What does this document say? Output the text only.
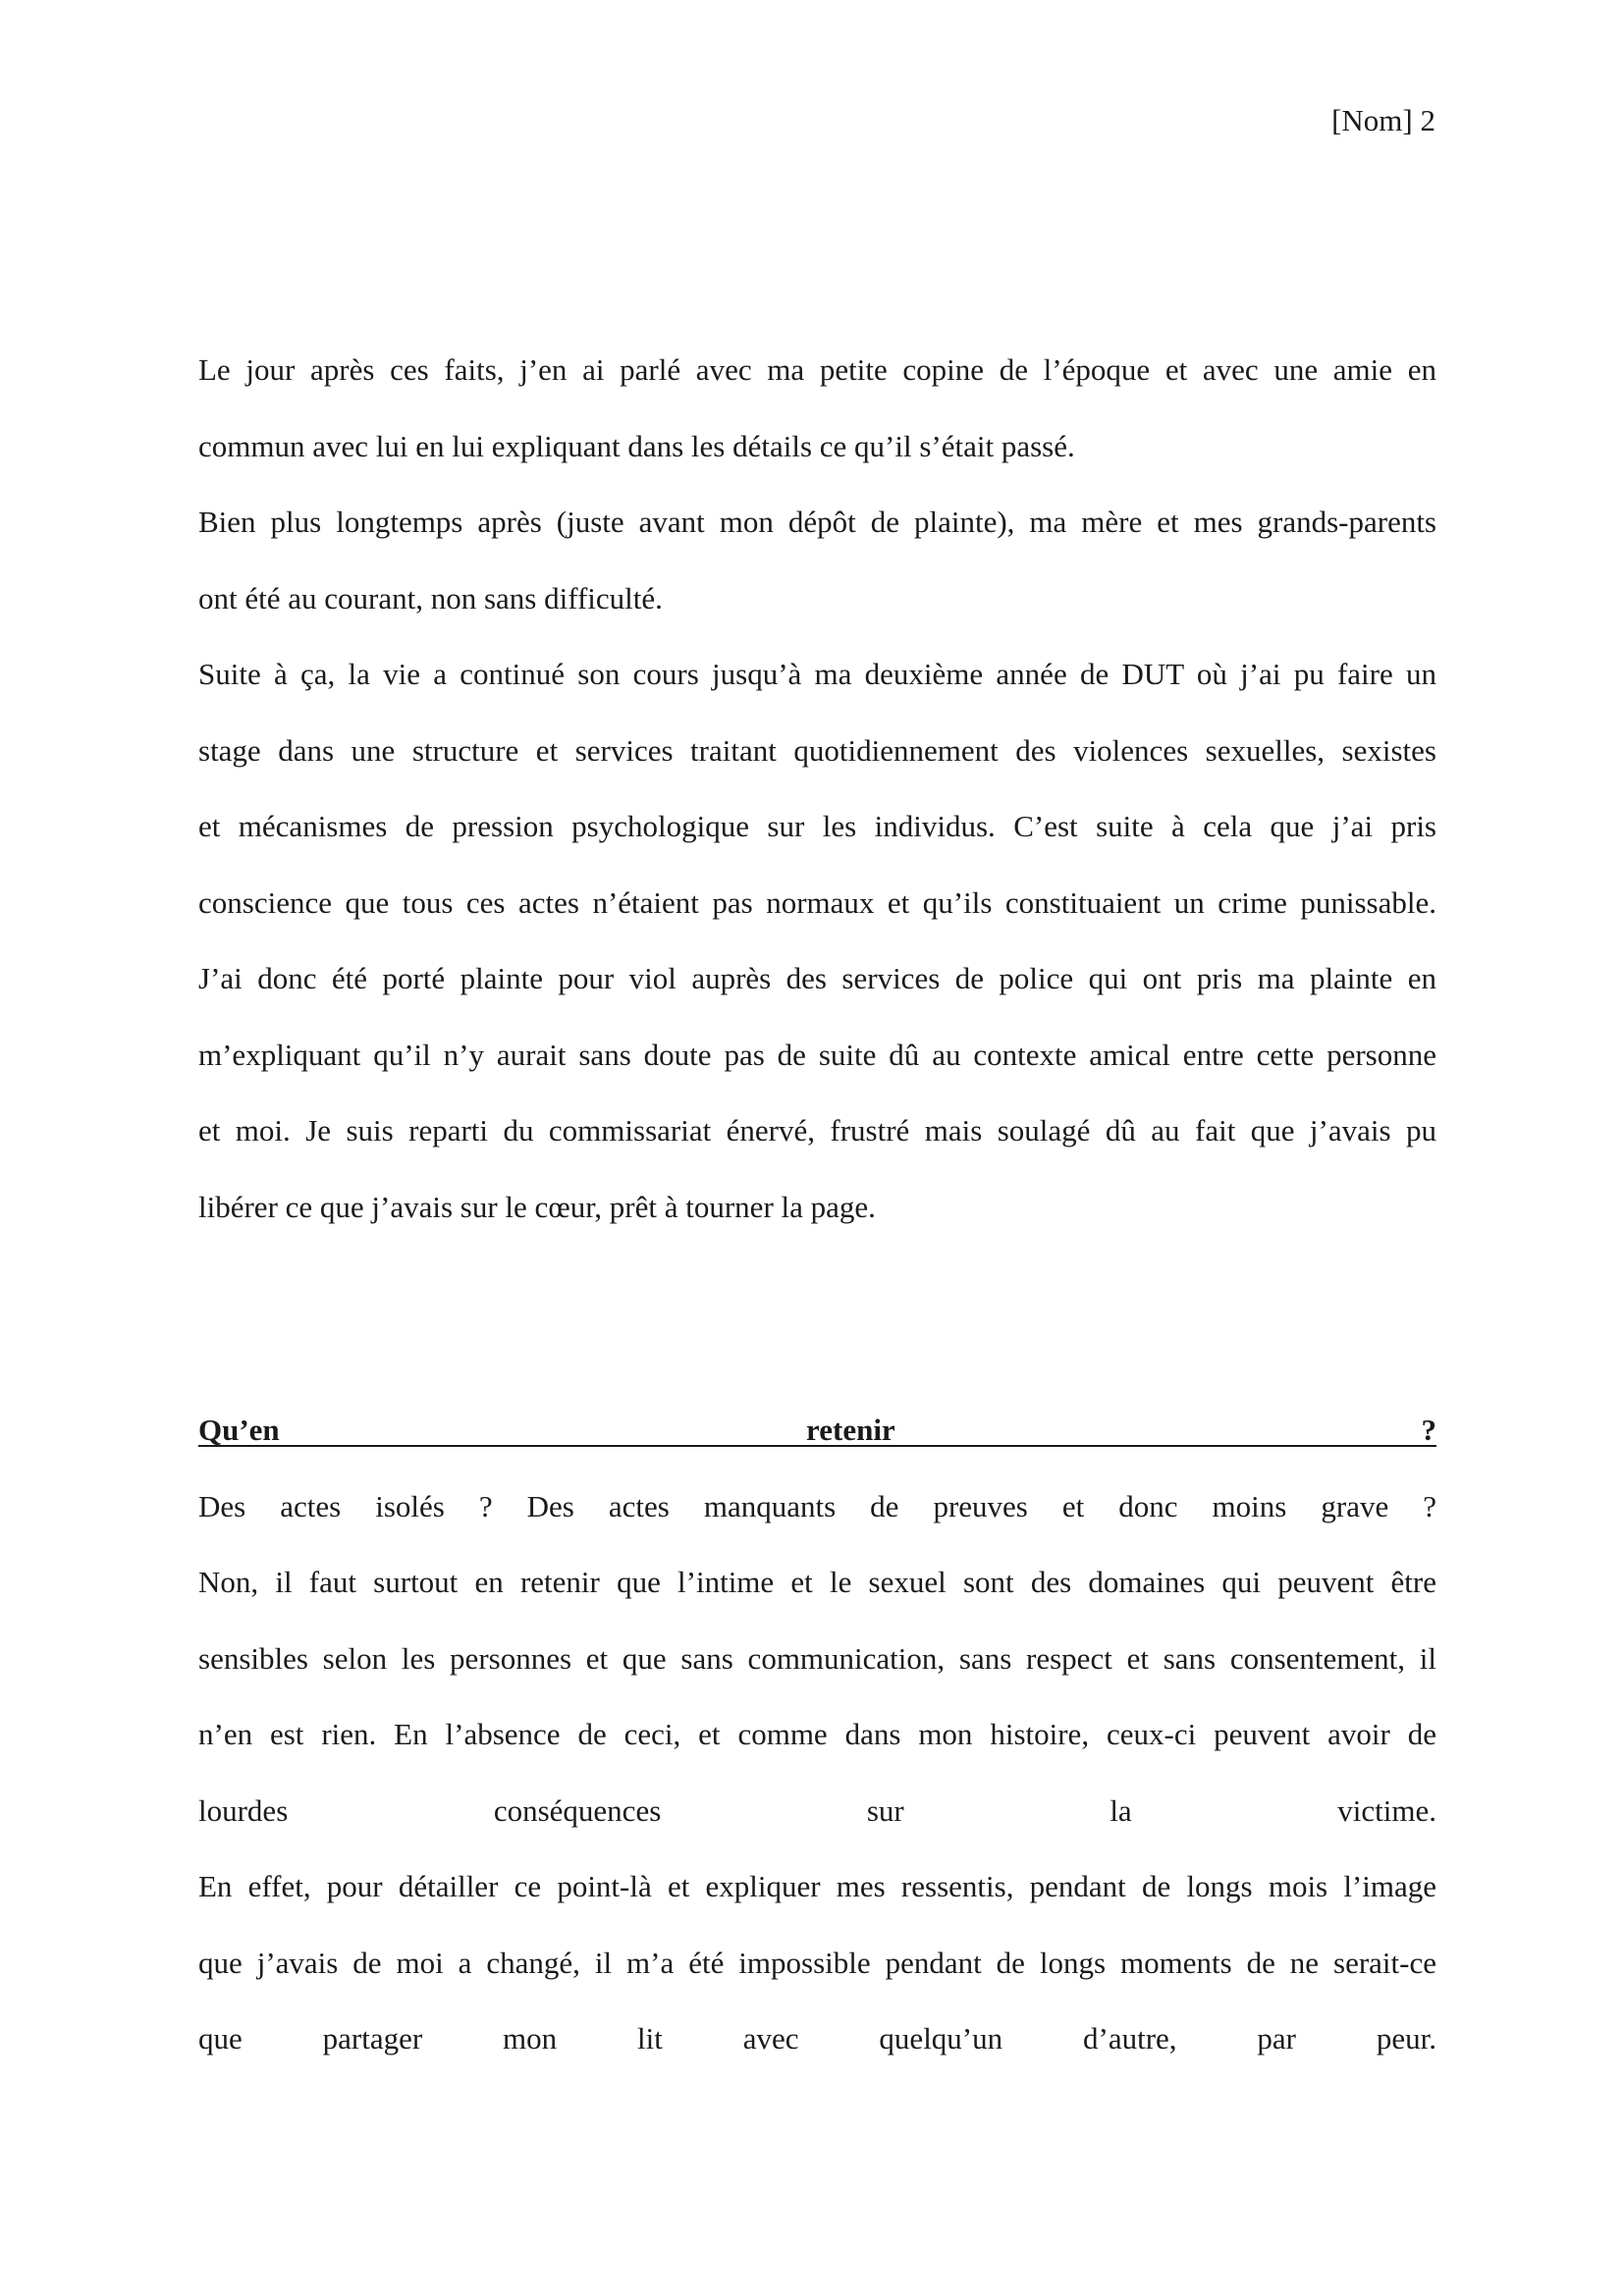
[Nom] 2
Le jour après ces faits, j’en ai parlé avec ma petite copine de l’époque et avec une amie en
commun avec lui en lui expliquant dans les détails ce qu’il s’était passé.
Bien plus longtemps après (juste avant mon dépôt de plainte), ma mère et mes grands-parents
ont été au courant, non sans difficulté.
Suite à ça, la vie a continué son cours jusqu’à ma deuxième année de DUT où j’ai pu faire un
stage dans une structure et services traitant quotidiennement des violences sexuelles, sexistes
et mécanismes de pression psychologique sur les individus. C’est suite à cela que j’ai pris
conscience que tous ces actes n’étaient pas normaux et qu’ils constituaient un crime punissable.
J’ai donc été porté plainte pour viol auprès des services de police qui ont pris ma plainte en
m’expliquant qu’il n’y aurait sans doute pas de suite dû au contexte amical entre cette personne
et moi. Je suis reparti du commissariat énervé, frustré mais soulagé dû au fait que j’avais pu
libérer ce que j’avais sur le cœur, prêt à tourner la page.
Qu’en retenir ?
Des actes isolés ? Des actes manquants de preuves et donc moins grave ?
Non, il faut surtout en retenir que l’intime et le sexuel sont des domaines qui peuvent être
sensibles selon les personnes et que sans communication, sans respect et sans consentement, il
n’en est rien. En l’absence de ceci, et comme dans mon histoire, ceux-ci peuvent avoir de
lourdes conséquences sur la victime.
En effet, pour détailler ce point-là et expliquer mes ressentis, pendant de longs mois l’image
que j’avais de moi a changé, il m’a été impossible pendant de longs moments de ne serait-ce
que partager mon lit avec quelqu’un d’autre, par peur.
